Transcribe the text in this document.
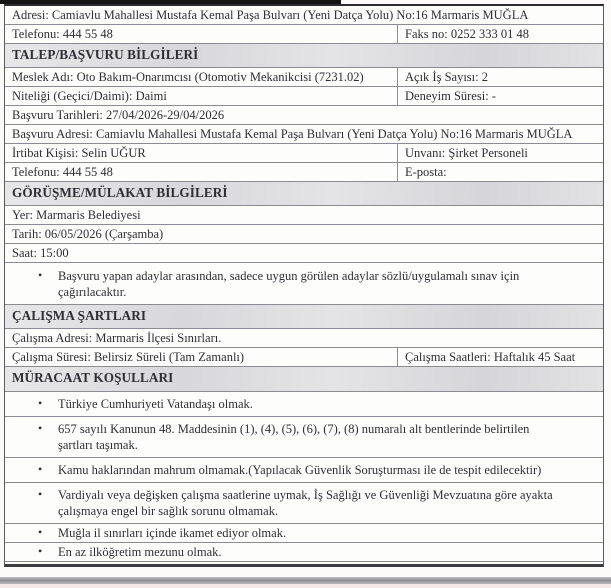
Adresi: Camiavlu Mahallesi Mustafa Kemal Paşa Bulvarı (Yeni Datça Yolu) No:16 Marmaris MUĞLA
Telefonu: 444 55 48	Faks no: 0252 333 01 48
TALEP/BAŞVURU BİLGİLERİ
Meslek Adı: Oto Bakım-Onarımcısı (Otomotiv Mekanikcisi (7231.02)	Açık İş Sayısı: 2
Niteliği (Geçici/Daimi): Daimi	Deneyim Süresi: -
Başvuru Tarihleri: 27/04/2026-29/04/2026
Başvuru Adresi: Camiavlu Mahallesi Mustafa Kemal Paşa Bulvarı (Yeni Datça Yolu) No:16 Marmaris MUĞLA
İrtibat Kişisi: Selin UĞUR	Unvanı: Şirket Personeli
Telefonu: 444 55 48	E-posta:
GÖRÜŞME/MÜLAKAT BİLGİLERİ
Yer: Marmaris Belediyesi
Tarih: 06/05/2026 (Çarşamba)
Saat: 15:00
•
Başvuru yapan adaylar arasından, sadece uygun görülen adaylar sözlü/uygulamalı sınav için çağırılacaktır.
ÇALIŞMA ŞARTLARI
Çalışma Adresi: Marmaris İlçesi Sınırları.
Çalışma Süresi: Belirsiz Süreli (Tam Zamanlı)	Çalışma Saatleri: Haftalık 45 Saat
MÜRACAAT KOŞULLARI
•
Türkiye Cumhuriyeti Vatandaşı olmak.
•
657 sayılı Kanunun 48. Maddesinin (1), (4), (5), (6), (7), (8) numaralı alt bentlerinde belirtilen şartları taşımak.
•
Kamu haklarından mahrum olmamak.(Yapılacak Güvenlik Soruşturması ile de tespit edilecektir)
•
Vardiyalı veya değişken çalışma saatlerine uymak, İş Sağlığı ve Güvenliği Mevzuatına göre ayakta çalışmaya engel bir sağlık sorunu olmamak.
•
Muğla il sınırları içinde ikamet ediyor olmak.
•
En az ilköğretim mezunu olmak.
